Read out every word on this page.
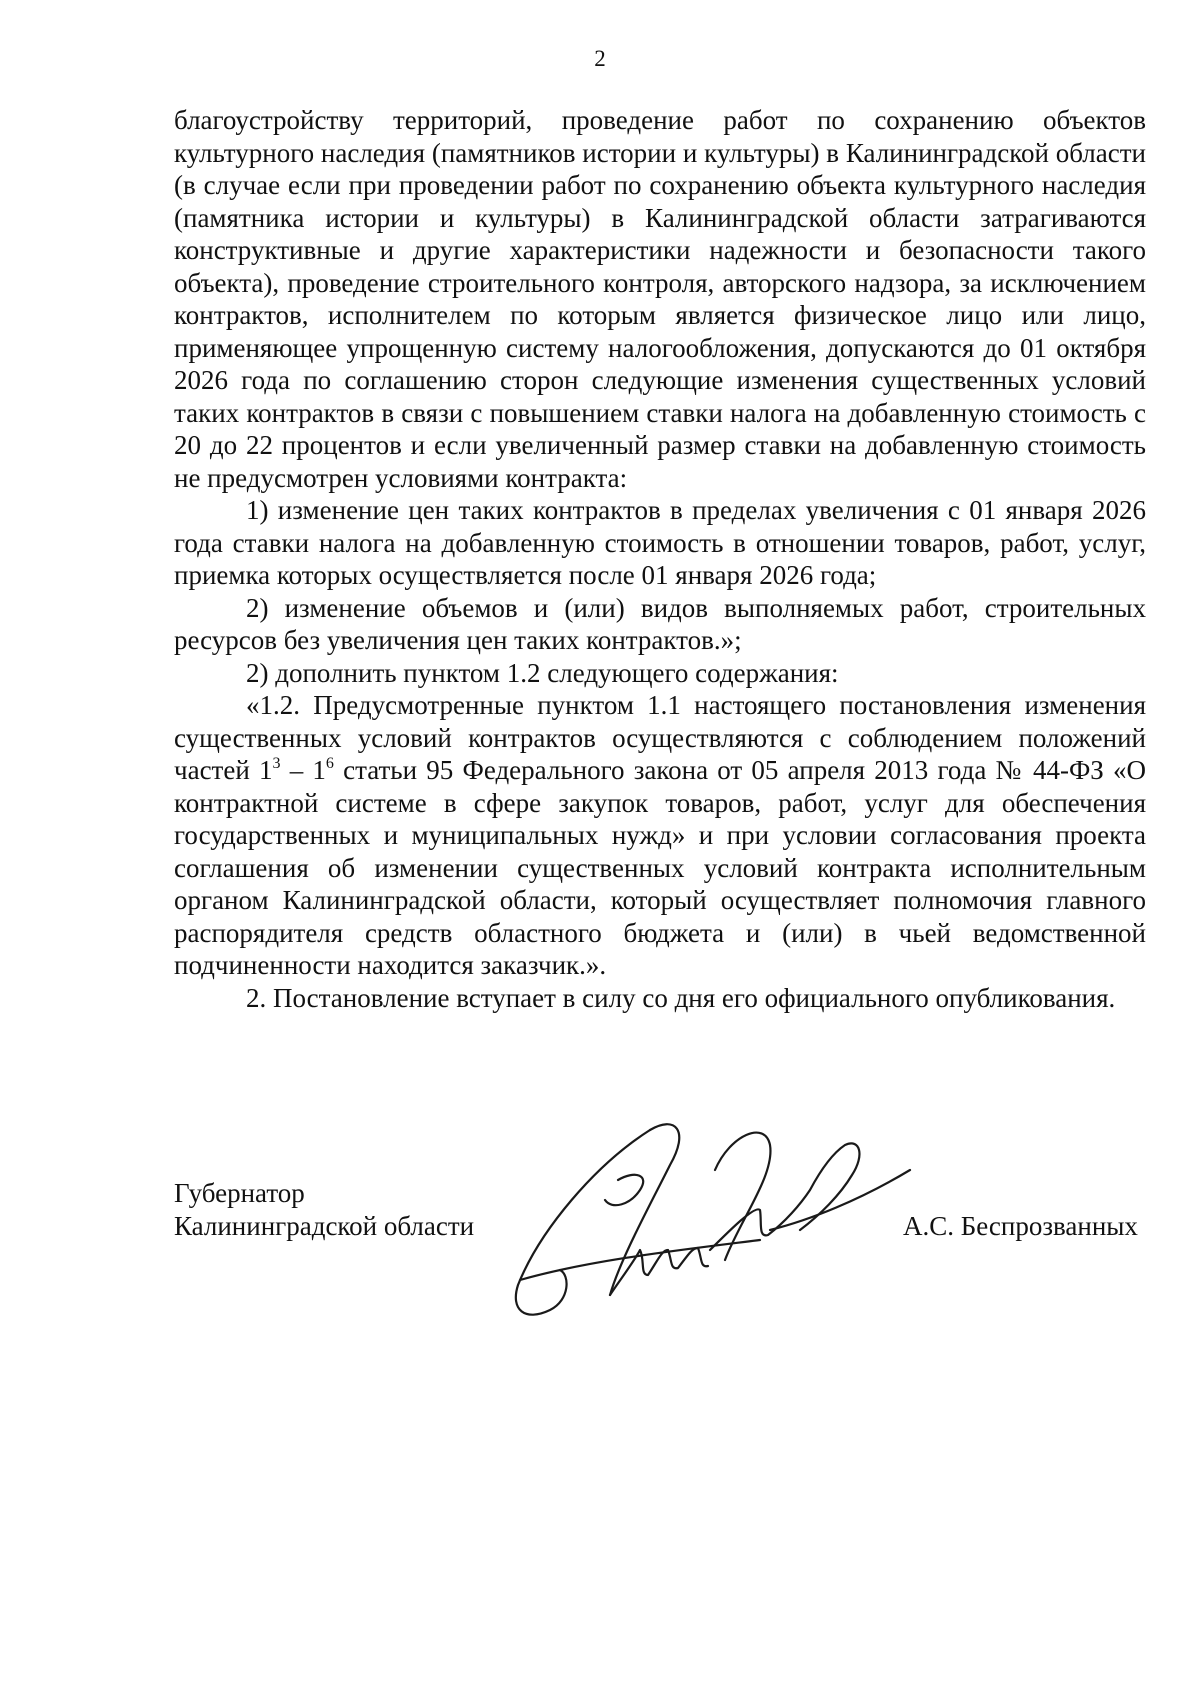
2

благоустройству территорий, проведение работ по сохранению объектов культурного наследия (памятников истории и культуры) в Калининградской области (в случае если при проведении работ по сохранению объекта культурного наследия (памятника истории и культуры) в Калининградской области затрагиваются конструктивные и другие характеристики надежности и безопасности такого объекта), проведение строительного контроля, авторского надзора, за исключением контрактов, исполнителем по которым является физическое лицо или лицо, применяющее упрощенную систему налогообложения, допускаются до 01 октября 2026 года по соглашению сторон следующие изменения существенных условий таких контрактов в связи с повышением ставки налога на добавленную стоимость с 20 до 22 процентов и если увеличенный размер ставки на добавленную стоимость не предусмотрен условиями контракта:

1) изменение цен таких контрактов в пределах увеличения с 01 января 2026 года ставки налога на добавленную стоимость в отношении товаров, работ, услуг, приемка которых осуществляется после 01 января 2026 года;

2) изменение объемов и (или) видов выполняемых работ, строительных ресурсов без увеличения цен таких контрактов.»;

2) дополнить пунктом 1.2 следующего содержания:

«1.2. Предусмотренные пунктом 1.1 настоящего постановления изменения существенных условий контрактов осуществляются с соблюдением положений частей $1^3 - 1^6$ статьи 95 Федерального закона от 05 апреля 2013 года № 44-ФЗ «О контрактной системе в сфере закупок товаров, работ, услуг для обеспечения государственных и муниципальных нужд» и при условии согласования проекта соглашения об изменении существенных условий контракта исполнительным органом Калининградской области, который осуществляет полномочия главного распорядителя средств областного бюджета и (или) в чьей ведомственной подчиненности находится заказчик.».

2. Постановление вступает в силу со дня его официального опубликования.

Губернатор
Калининградской области	А.С. Беспрозванных
